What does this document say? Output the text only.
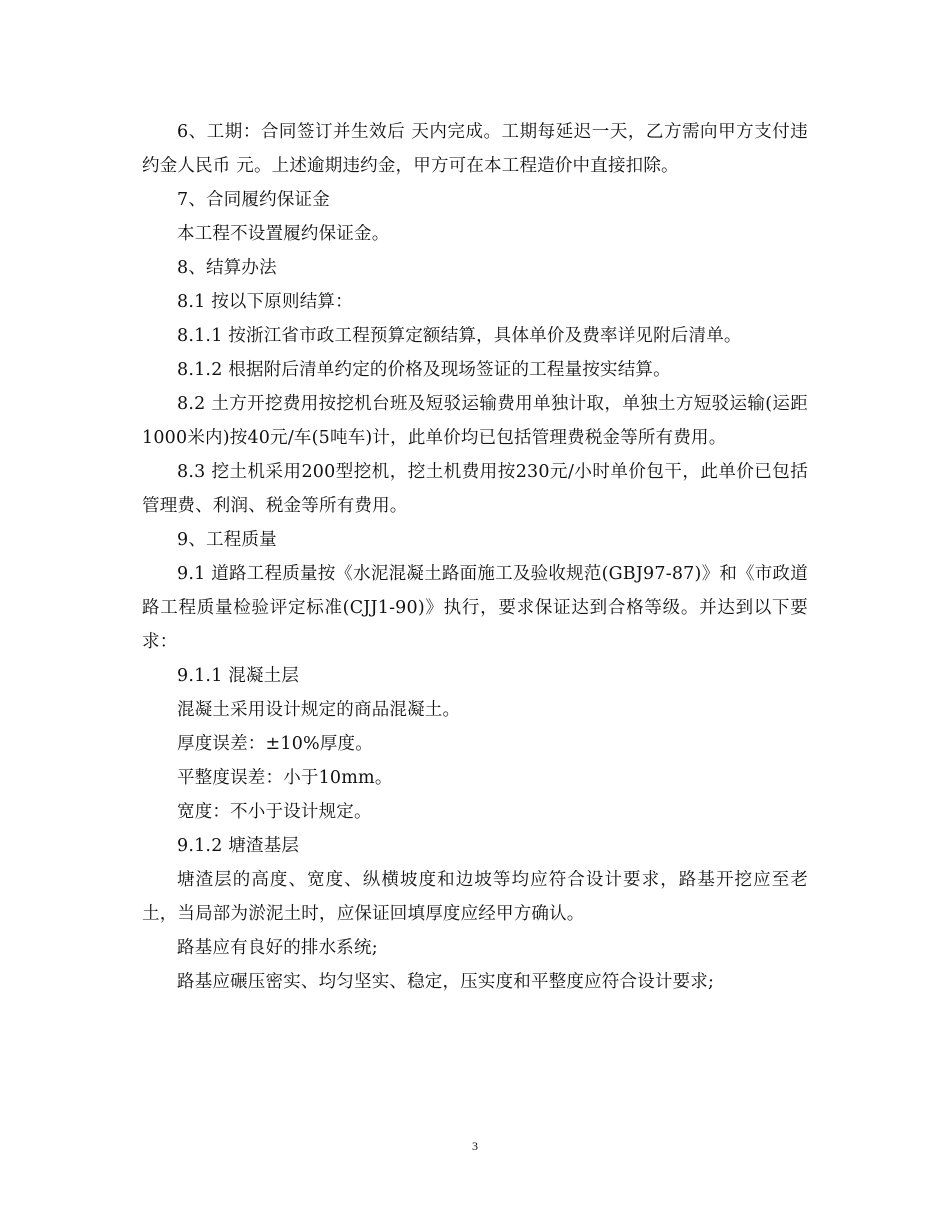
6、工期：合同签订并生效后 天内完成。工期每延迟一天，乙方需向甲方支付违约金人民币 元。上述逾期违约金，甲方可在本工程造价中直接扣除。

7、合同履约保证金

本工程不设置履约保证金。

8、结算办法

8.1 按以下原则结算：

8.1.1 按浙江省市政工程预算定额结算，具体单价及费率详见附后清单。

8.1.2 根据附后清单约定的价格及现场签证的工程量按实结算。

8.2 土方开挖费用按挖机台班及短驳运输费用单独计取，单独土方短驳运输(运距1000米内)按40元/车(5吨车)计，此单价均已包括管理费税金等所有费用。

8.3 挖土机采用200型挖机，挖土机费用按230元/小时单价包干，此单价已包括管理费、利润、税金等所有费用。

9、工程质量

9.1 道路工程质量按《水泥混凝土路面施工及验收规范(GBJ97-87)》和《市政道路工程质量检验评定标准(CJJ1-90)》执行，要求保证达到合格等级。并达到以下要求：

9.1.1 混凝土层

混凝土采用设计规定的商品混凝土。

厚度误差：±10%厚度。

平整度误差：小于10mm。

宽度：不小于设计规定。

9.1.2 塘渣基层

塘渣层的高度、宽度、纵横坡度和边坡等均应符合设计要求，路基开挖应至老土，当局部为淤泥土时，应保证回填厚度应经甲方确认。

路基应有良好的排水系统;

路基应碾压密实、均匀坚实、稳定，压实度和平整度应符合设计要求;

3
